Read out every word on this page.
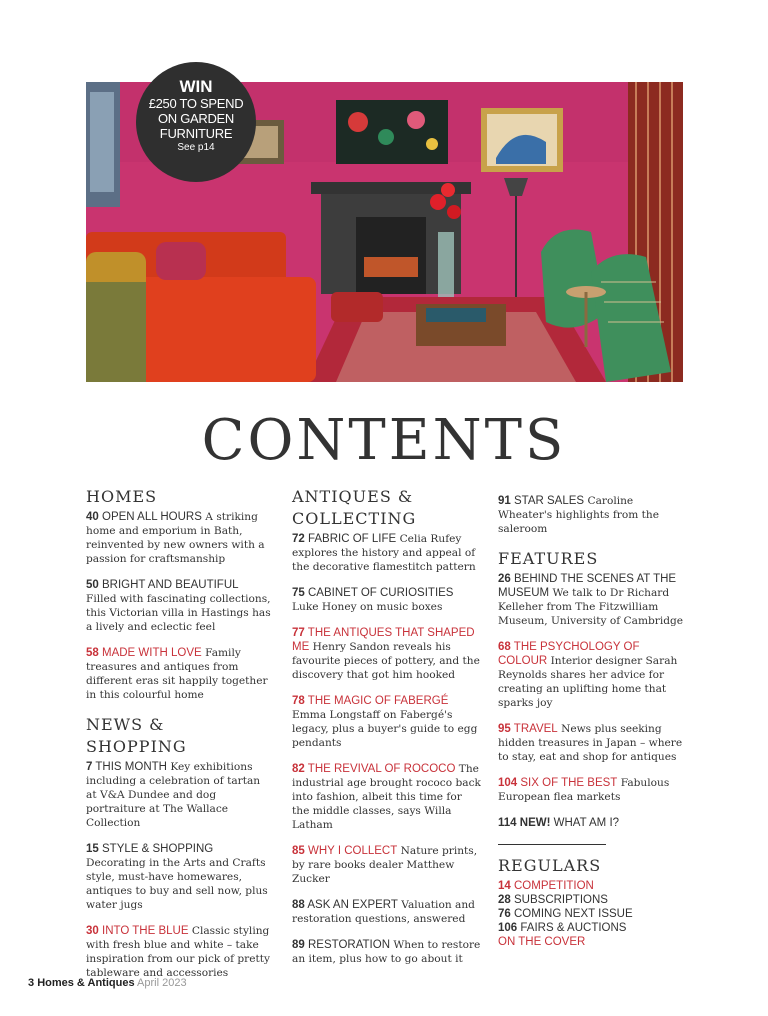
WIN
£250 TO SPEND ON GARDEN FURNITURE
See p14
CONTENTS
HOMES
40 OPEN ALL HOURS A striking home and emporium in Bath, reinvented by new owners with a passion for craftsmanship
50 BRIGHT AND BEAUTIFUL Filled with fascinating collections, this Victorian villa in Hastings has a lively and eclectic feel
58 MADE WITH LOVE Family treasures and antiques from different eras sit happily together in this colourful home
NEWS & SHOPPING
7 THIS MONTH Key exhibitions including a celebration of tartan at V&A Dundee and dog portraiture at The Wallace Collection
15 STYLE & SHOPPING Decorating in the Arts and Crafts style, must-have homewares, antiques to buy and sell now, plus water jugs
30 INTO THE BLUE Classic styling with fresh blue and white – take inspiration from our pick of pretty tableware and accessories
ANTIQUES & COLLECTING
72 FABRIC OF LIFE Celia Rufey explores the history and appeal of the decorative flamestitch pattern
75 CABINET OF CURIOSITIES Luke Honey on music boxes
77 THE ANTIQUES THAT SHAPED ME Henry Sandon reveals his favourite pieces of pottery, and the discovery that got him hooked
78 THE MAGIC OF FABERGÉ Emma Longstaff on Fabergé's legacy, plus a buyer's guide to egg pendants
82 THE REVIVAL OF ROCOCO The industrial age brought rococo back into fashion, albeit this time for the middle classes, says Willa Latham
85 WHY I COLLECT Nature prints, by rare books dealer Matthew Zucker
88 ASK AN EXPERT Valuation and restoration questions, answered
89 RESTORATION When to restore an item, plus how to go about it
91 STAR SALES Caroline Wheater's highlights from the saleroom
FEATURES
26 BEHIND THE SCENES AT THE MUSEUM We talk to Dr Richard Kelleher from The Fitzwilliam Museum, University of Cambridge
68 THE PSYCHOLOGY OF COLOUR Interior designer Sarah Reynolds shares her advice for creating an uplifting home that sparks joy
95 TRAVEL News plus seeking hidden treasures in Japan – where to stay, eat and shop for antiques
104 SIX OF THE BEST Fabulous European flea markets
114 NEW! WHAT AM I?
REGULARS
14 COMPETITION
28 SUBSCRIPTIONS
76 COMING NEXT ISSUE
106 FAIRS & AUCTIONS
ON THE COVER
3 Homes & Antiques April 2023
